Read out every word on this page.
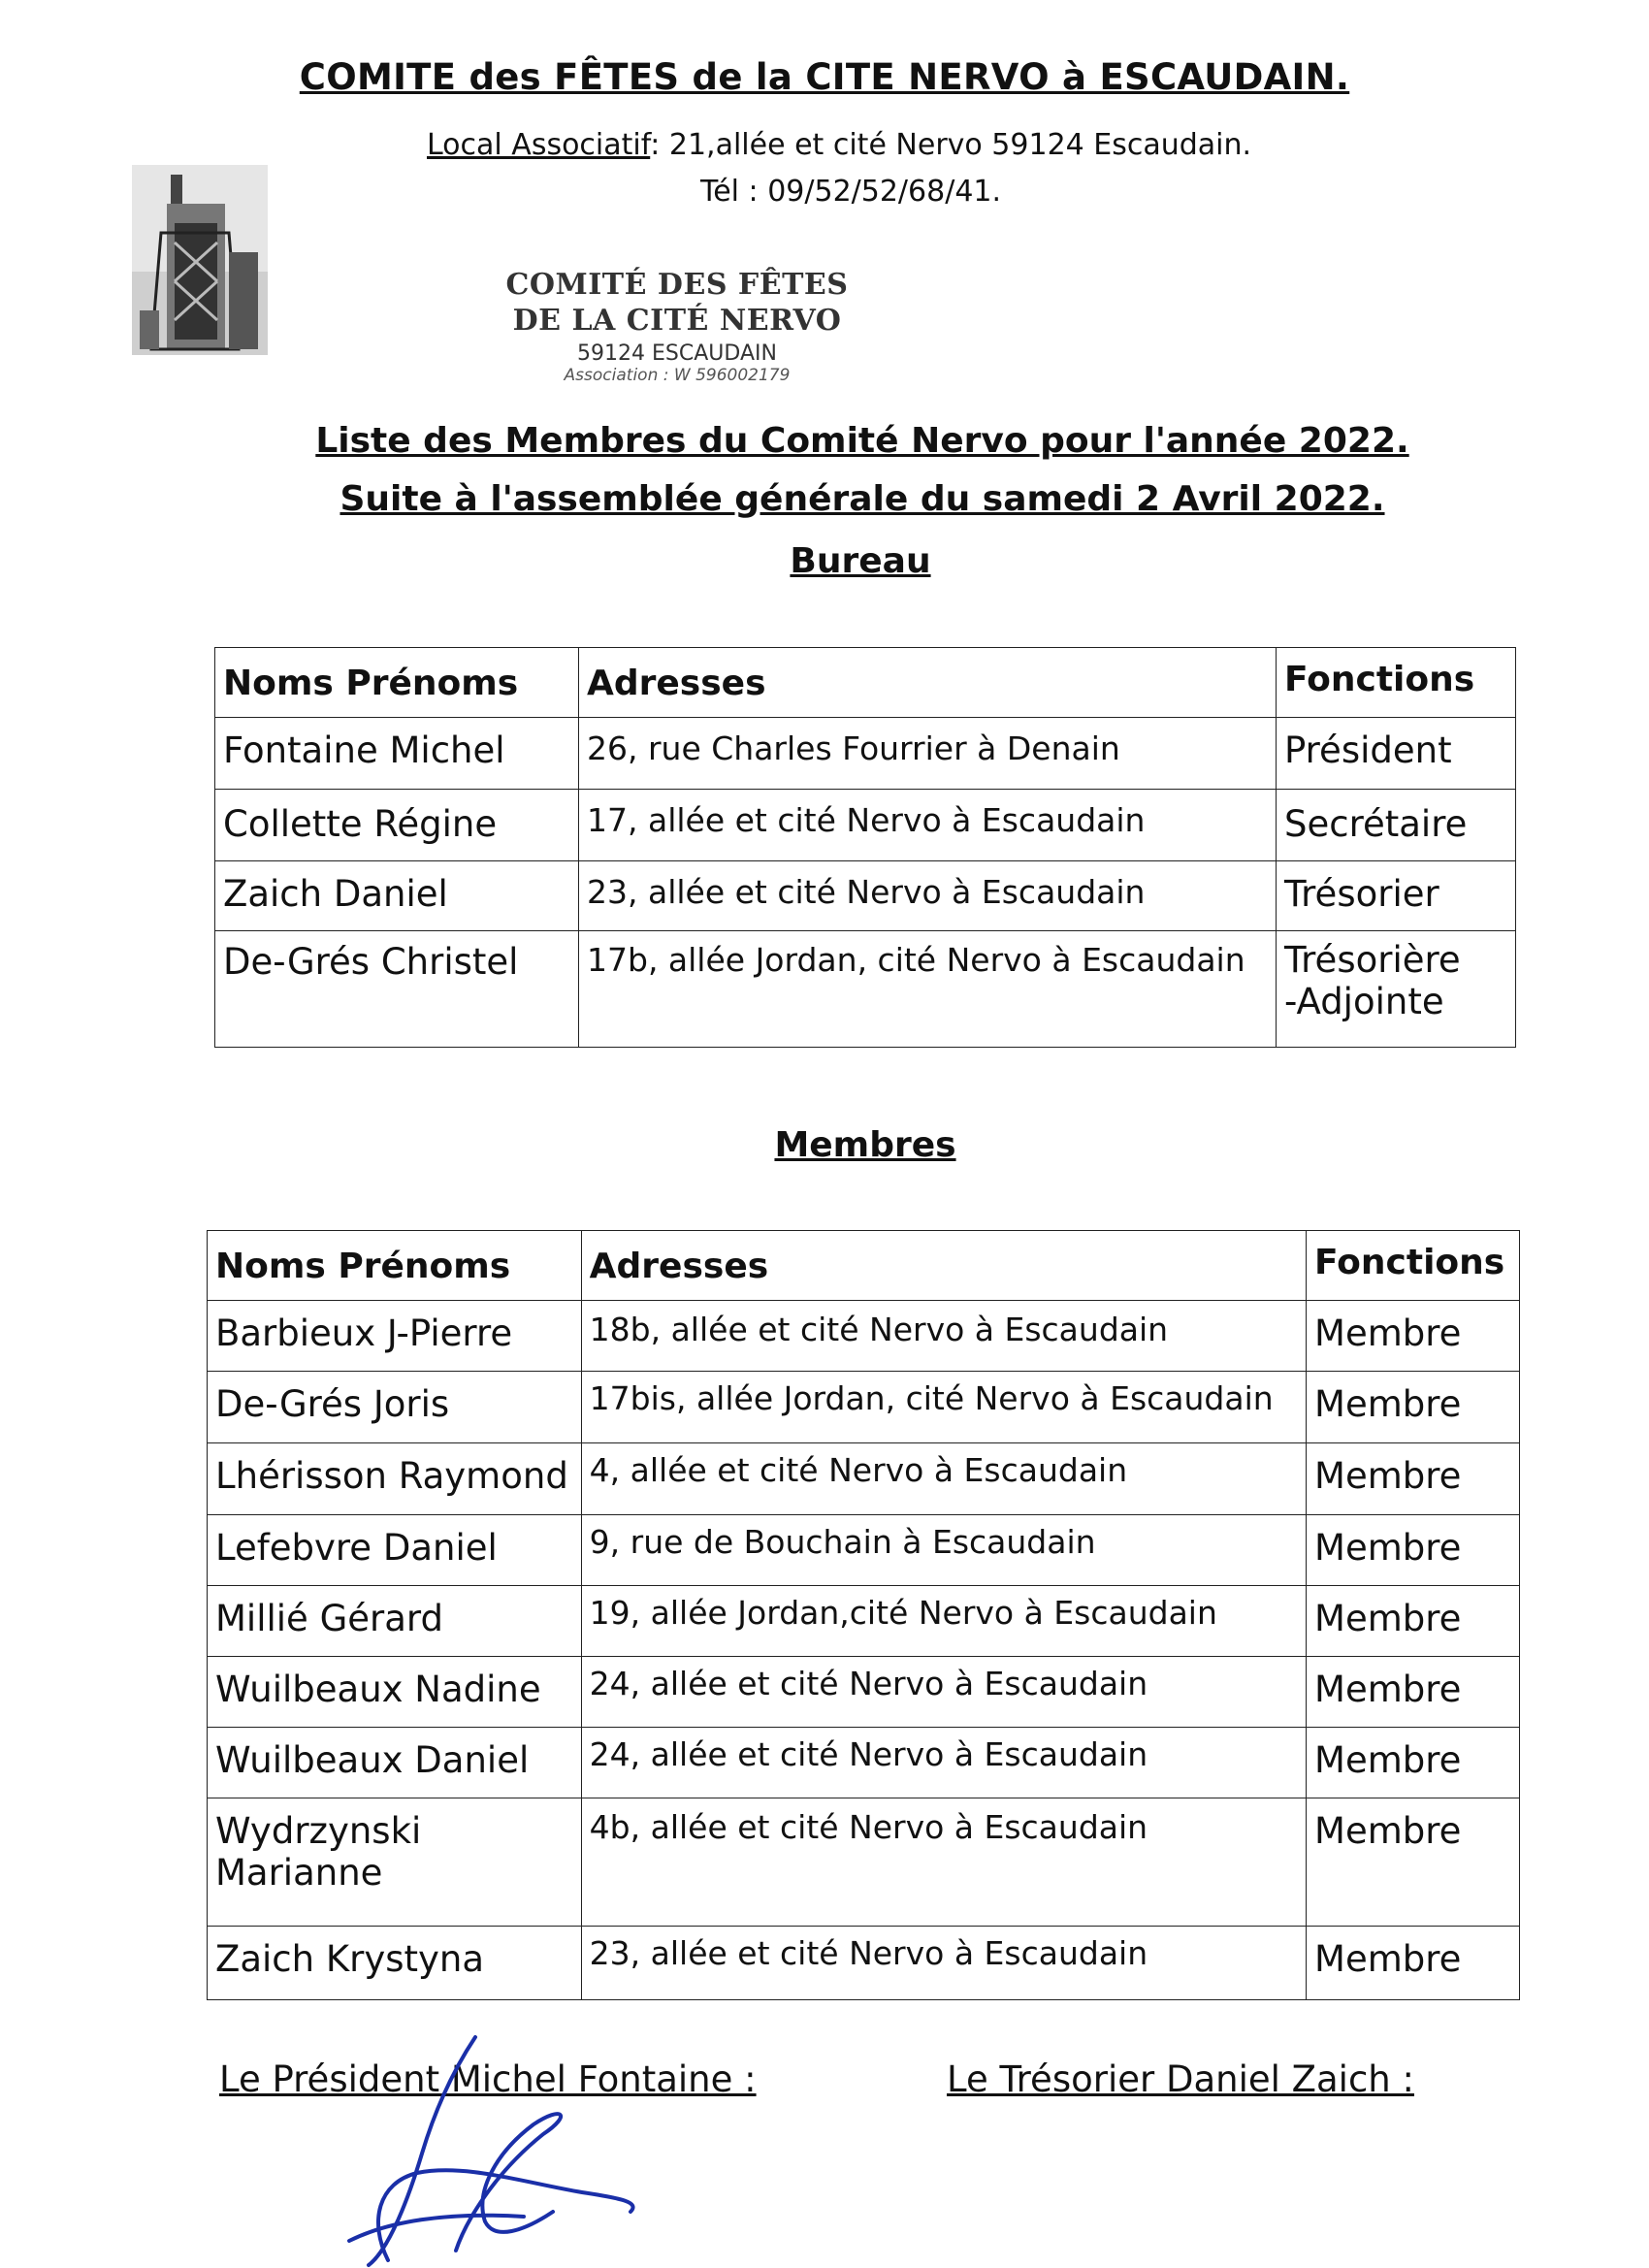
COMITE des FÊTES de la CITE NERVO à ESCAUDAIN.
Local Associatif: 21,allée et cité Nervo 59124 Escaudain.
Tél : 09/52/52/68/41.
COMITÉ DES FÊTES
DE LA CITÉ NERVO
59124 ESCAUDAIN
Association : W 596002179
Liste des Membres du Comité Nervo pour l'année 2022.
Suite à l'assemblée générale du samedi 2 Avril 2022.
Bureau
Noms Prénoms	Adresses	Fonctions
Fontaine Michel	26, rue Charles Fourrier à Denain	Président
Collette Régine	17, allée et cité Nervo à Escaudain	Secrétaire
Zaich Daniel	23, allée et cité Nervo à Escaudain	Trésorier
De-Grés Christel	17b, allée Jordan, cité Nervo à Escaudain	Trésorière
-Adjointe
Membres
Noms Prénoms	Adresses	Fonctions
Barbieux J-Pierre	18b, allée et cité Nervo à Escaudain	Membre
De-Grés Joris	17bis, allée Jordan, cité Nervo à Escaudain	Membre
Lhérisson Raymond	4, allée et cité Nervo à Escaudain	Membre
Lefebvre Daniel	9, rue de Bouchain à Escaudain	Membre
Millié Gérard	19, allée Jordan,cité Nervo à Escaudain	Membre
Wuilbeaux Nadine	24, allée et cité Nervo à Escaudain	Membre
Wuilbeaux Daniel	24, allée et cité Nervo à Escaudain	Membre

Wydrzynski
Marianne	4b, allée et cité Nervo à Escaudain	Membre
Zaich Krystyna	23, allée et cité Nervo à Escaudain	Membre
Le Président Michel Fontaine :	Le Trésorier Daniel Zaich :
